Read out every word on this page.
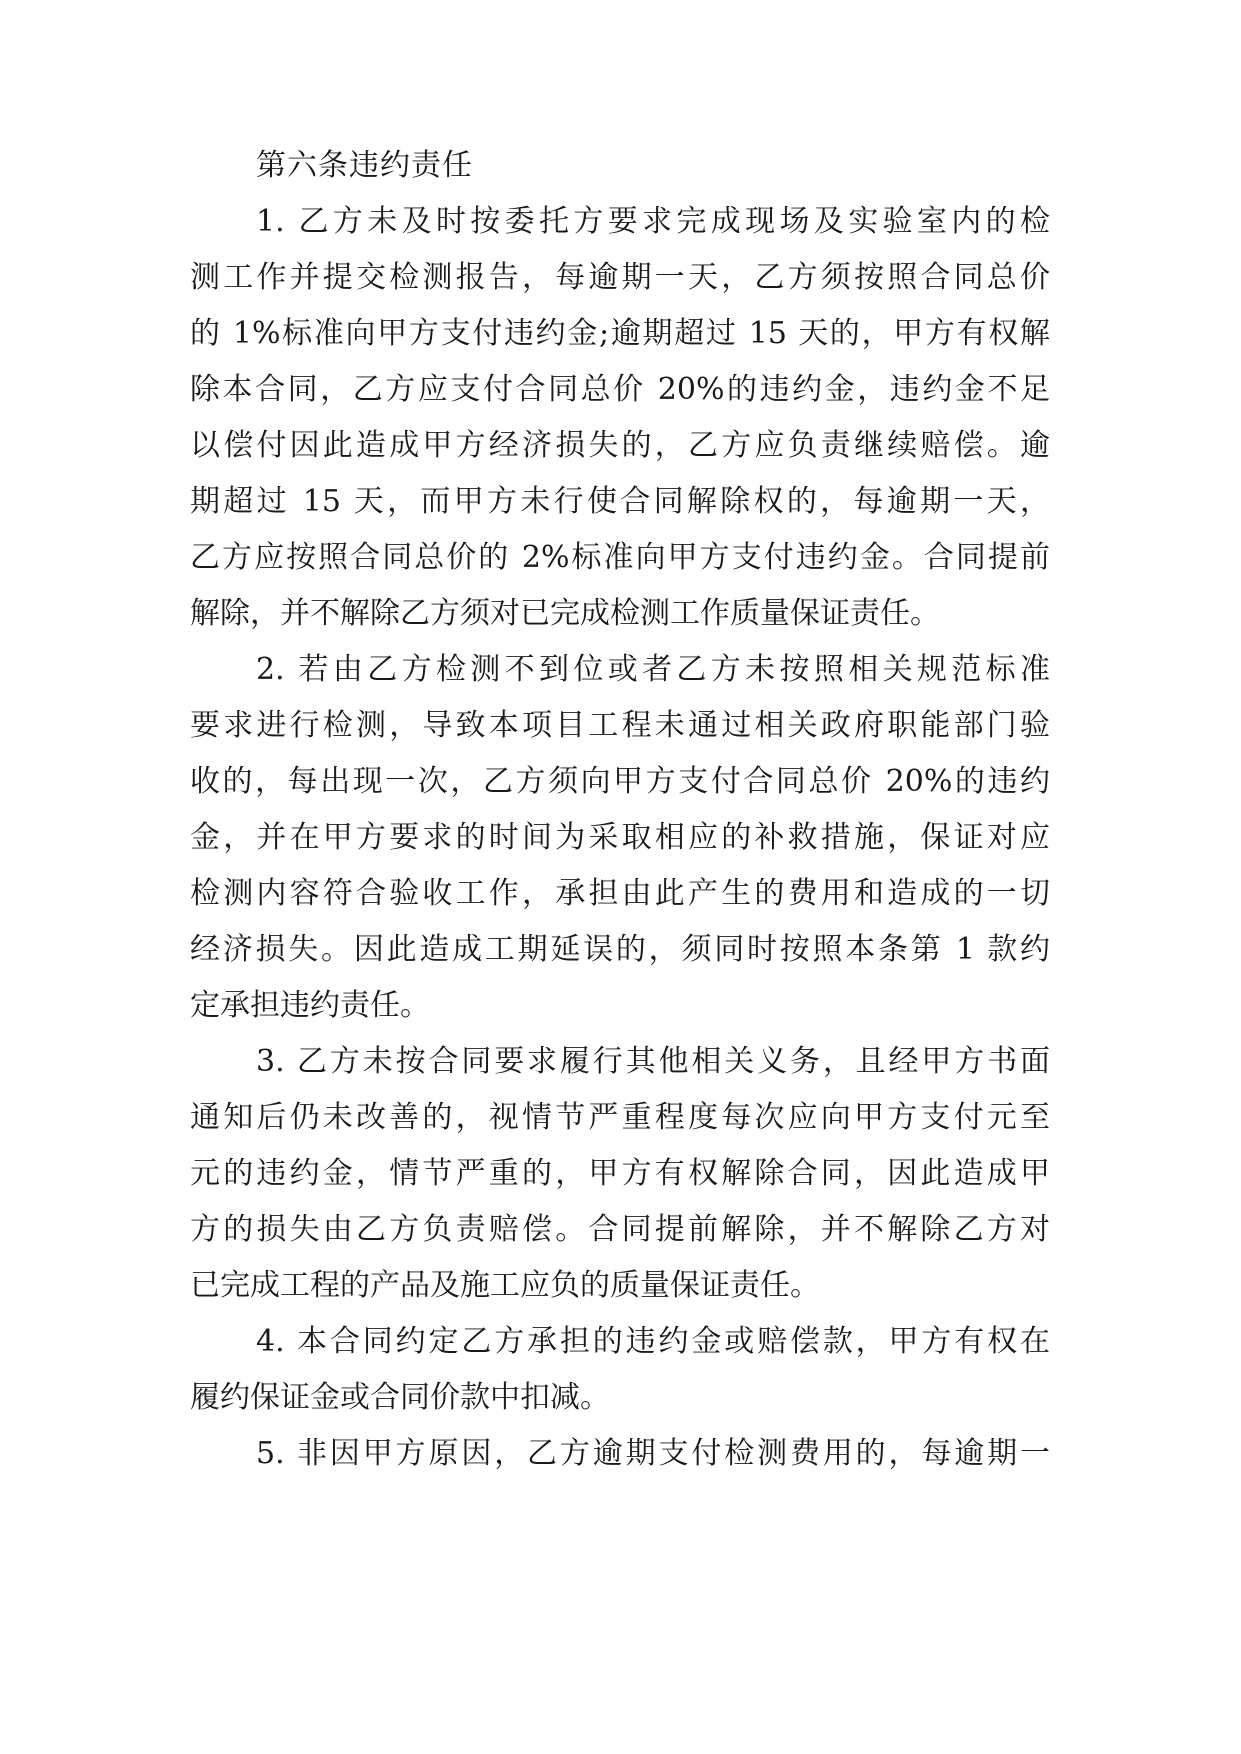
第六条违约责任
1. 乙方未及时按委托方要求完成现场及实验室内的检
测工作并提交检测报告，每逾期一天，乙方须按照合同总价
的 1%标准向甲方支付违约金;逾期超过 15 天的，甲方有权解
除本合同，乙方应支付合同总价 20%的违约金，违约金不足
以偿付因此造成甲方经济损失的，乙方应负责继续赔偿。逾
期超过 15 天，而甲方未行使合同解除权的，每逾期一天，
乙方应按照合同总价的 2%标准向甲方支付违约金。合同提前
解除，并不解除乙方须对已完成检测工作质量保证责任。
2. 若由乙方检测不到位或者乙方未按照相关规范标准
要求进行检测，导致本项目工程未通过相关政府职能部门验
收的，每出现一次，乙方须向甲方支付合同总价 20%的违约
金，并在甲方要求的时间为采取相应的补救措施，保证对应
检测内容符合验收工作，承担由此产生的费用和造成的一切
经济损失。因此造成工期延误的，须同时按照本条第 1 款约
定承担违约责任。
3. 乙方未按合同要求履行其他相关义务，且经甲方书面
通知后仍未改善的，视情节严重程度每次应向甲方支付元至
元的违约金，情节严重的，甲方有权解除合同，因此造成甲
方的损失由乙方负责赔偿。合同提前解除，并不解除乙方对
已完成工程的产品及施工应负的质量保证责任。
4. 本合同约定乙方承担的违约金或赔偿款，甲方有权在
履约保证金或合同价款中扣减。
5. 非因甲方原因，乙方逾期支付检测费用的，每逾期一
